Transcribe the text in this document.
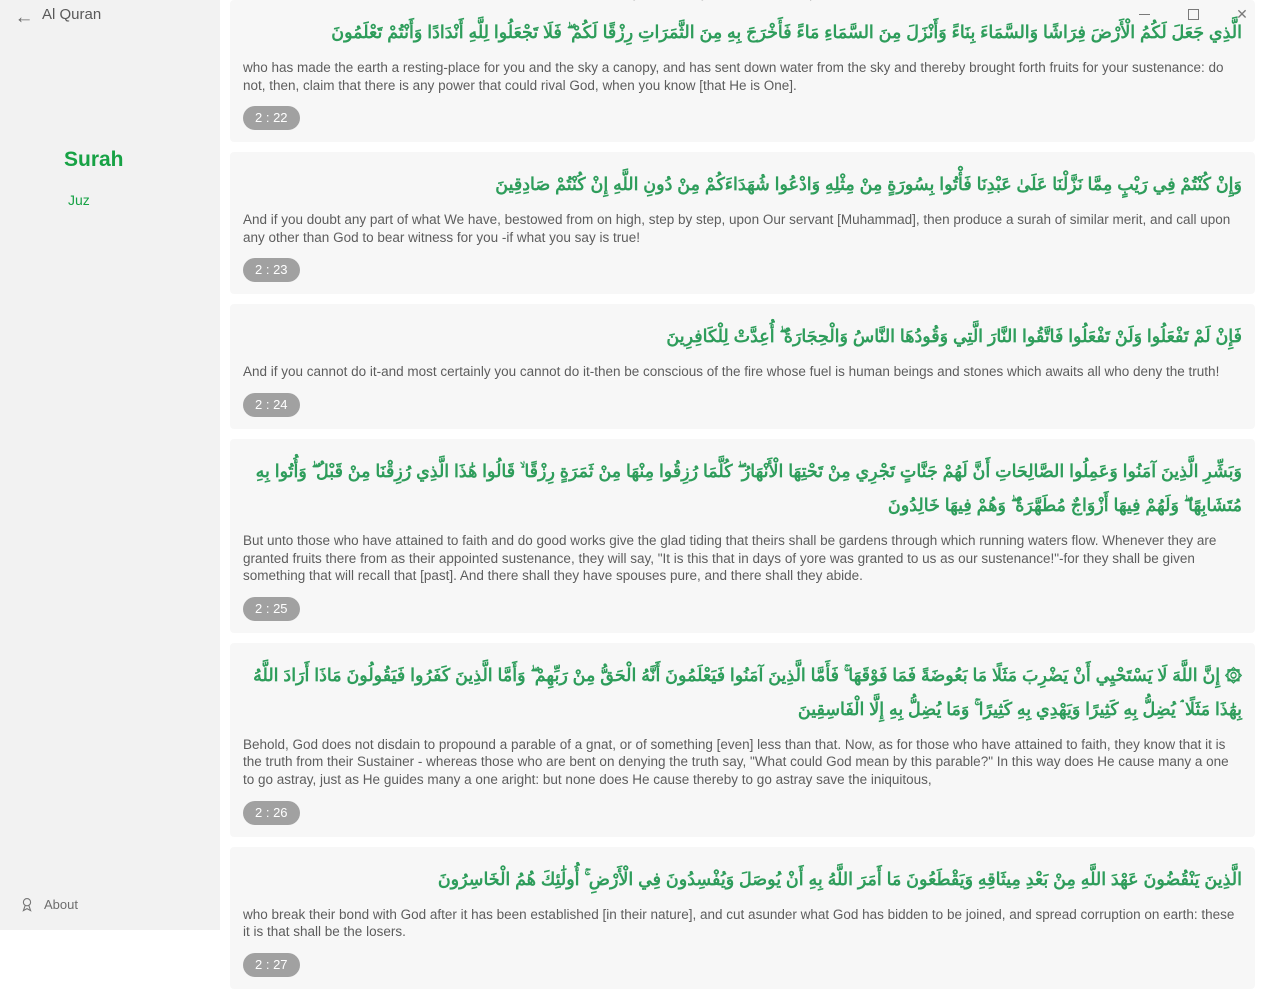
← Al Quran
Surah
Juz
About
✕

الَّذِي جَعَلَ لَكُمُ الْأَرْضَ فِرَاشًا وَالسَّمَاءَ بِنَاءً وَأَنْزَلَ مِنَ السَّمَاءِ مَاءً فَأَخْرَجَ بِهِ مِنَ الثَّمَرَاتِ رِزْقًا لَكُمْ ۖ فَلَا تَجْعَلُوا لِلَّهِ أَنْدَادًا وَأَنْتُمْ تَعْلَمُونَ

who has made the earth a resting-place for you and the sky a canopy, and has sent down water from the sky and thereby brought forth fruits for your sustenance: do not, then, claim that there is any power that could rival God, when you know [that He is One].

2 : 22

وَإِنْ كُنْتُمْ فِي رَيْبٍ مِمَّا نَزَّلْنَا عَلَىٰ عَبْدِنَا فَأْتُوا بِسُورَةٍ مِنْ مِثْلِهِ وَادْعُوا شُهَدَاءَكُمْ مِنْ دُونِ اللَّهِ إِنْ كُنْتُمْ صَادِقِينَ

And if you doubt any part of what We have, bestowed from on high, step by step, upon Our servant [Muhammad], then produce a surah of similar merit, and call upon any other than God to bear witness for you -if what you say is true!

2 : 23

فَإِنْ لَمْ تَفْعَلُوا وَلَنْ تَفْعَلُوا فَاتَّقُوا النَّارَ الَّتِي وَقُودُهَا النَّاسُ وَالْحِجَارَةُ ۖ أُعِدَّتْ لِلْكَافِرِينَ

And if you cannot do it-and most certainly you cannot do it-then be conscious of the fire whose fuel is human beings and stones which awaits all who deny the truth!

2 : 24

وَبَشِّرِ الَّذِينَ آمَنُوا وَعَمِلُوا الصَّالِحَاتِ أَنَّ لَهُمْ جَنَّاتٍ تَجْرِي مِنْ تَحْتِهَا الْأَنْهَارُ ۖ كُلَّمَا رُزِقُوا مِنْهَا مِنْ ثَمَرَةٍ رِزْقًا ۙ قَالُوا هَٰذَا الَّذِي رُزِقْنَا مِنْ قَبْلُ ۖ وَأُتُوا بِهِ مُتَشَابِهًا ۖ وَلَهُمْ فِيهَا أَزْوَاجٌ مُطَهَّرَةٌ ۖ وَهُمْ فِيهَا خَالِدُونَ

But unto those who have attained to faith and do good works give the glad tiding that theirs shall be gardens through which running waters flow. Whenever they are granted fruits there from as their appointed sustenance, they will say, "It is this that in days of yore was granted to us as our sustenance!"-for they shall be given something that will recall that [past]. And there shall they have spouses pure, and there shall they abide.

2 : 25

۞ إِنَّ اللَّهَ لَا يَسْتَحْيِي أَنْ يَضْرِبَ مَثَلًا مَا بَعُوضَةً فَمَا فَوْقَهَا ۚ فَأَمَّا الَّذِينَ آمَنُوا فَيَعْلَمُونَ أَنَّهُ الْحَقُّ مِنْ رَبِّهِمْ ۖ وَأَمَّا الَّذِينَ كَفَرُوا فَيَقُولُونَ مَاذَا أَرَادَ اللَّهُ بِهَٰذَا مَثَلًا ۘ يُضِلُّ بِهِ كَثِيرًا وَيَهْدِي بِهِ كَثِيرًا ۚ وَمَا يُضِلُّ بِهِ إِلَّا الْفَاسِقِينَ

Behold, God does not disdain to propound a parable of a gnat, or of something [even] less than that. Now, as for those who have attained to faith, they know that it is the truth from their Sustainer - whereas those who are bent on denying the truth say, "What could God mean by this parable?" In this way does He cause many a one to go astray, just as He guides many a one aright: but none does He cause thereby to go astray save the iniquitous,

2 : 26

الَّذِينَ يَنْقُضُونَ عَهْدَ اللَّهِ مِنْ بَعْدِ مِيثَاقِهِ وَيَقْطَعُونَ مَا أَمَرَ اللَّهُ بِهِ أَنْ يُوصَلَ وَيُفْسِدُونَ فِي الْأَرْضِ ۚ أُولَٰئِكَ هُمُ الْخَاسِرُونَ

who break their bond with God after it has been established [in their nature], and cut asunder what God has bidden to be joined, and spread corruption on earth: these it is that shall be the losers.

2 : 27
